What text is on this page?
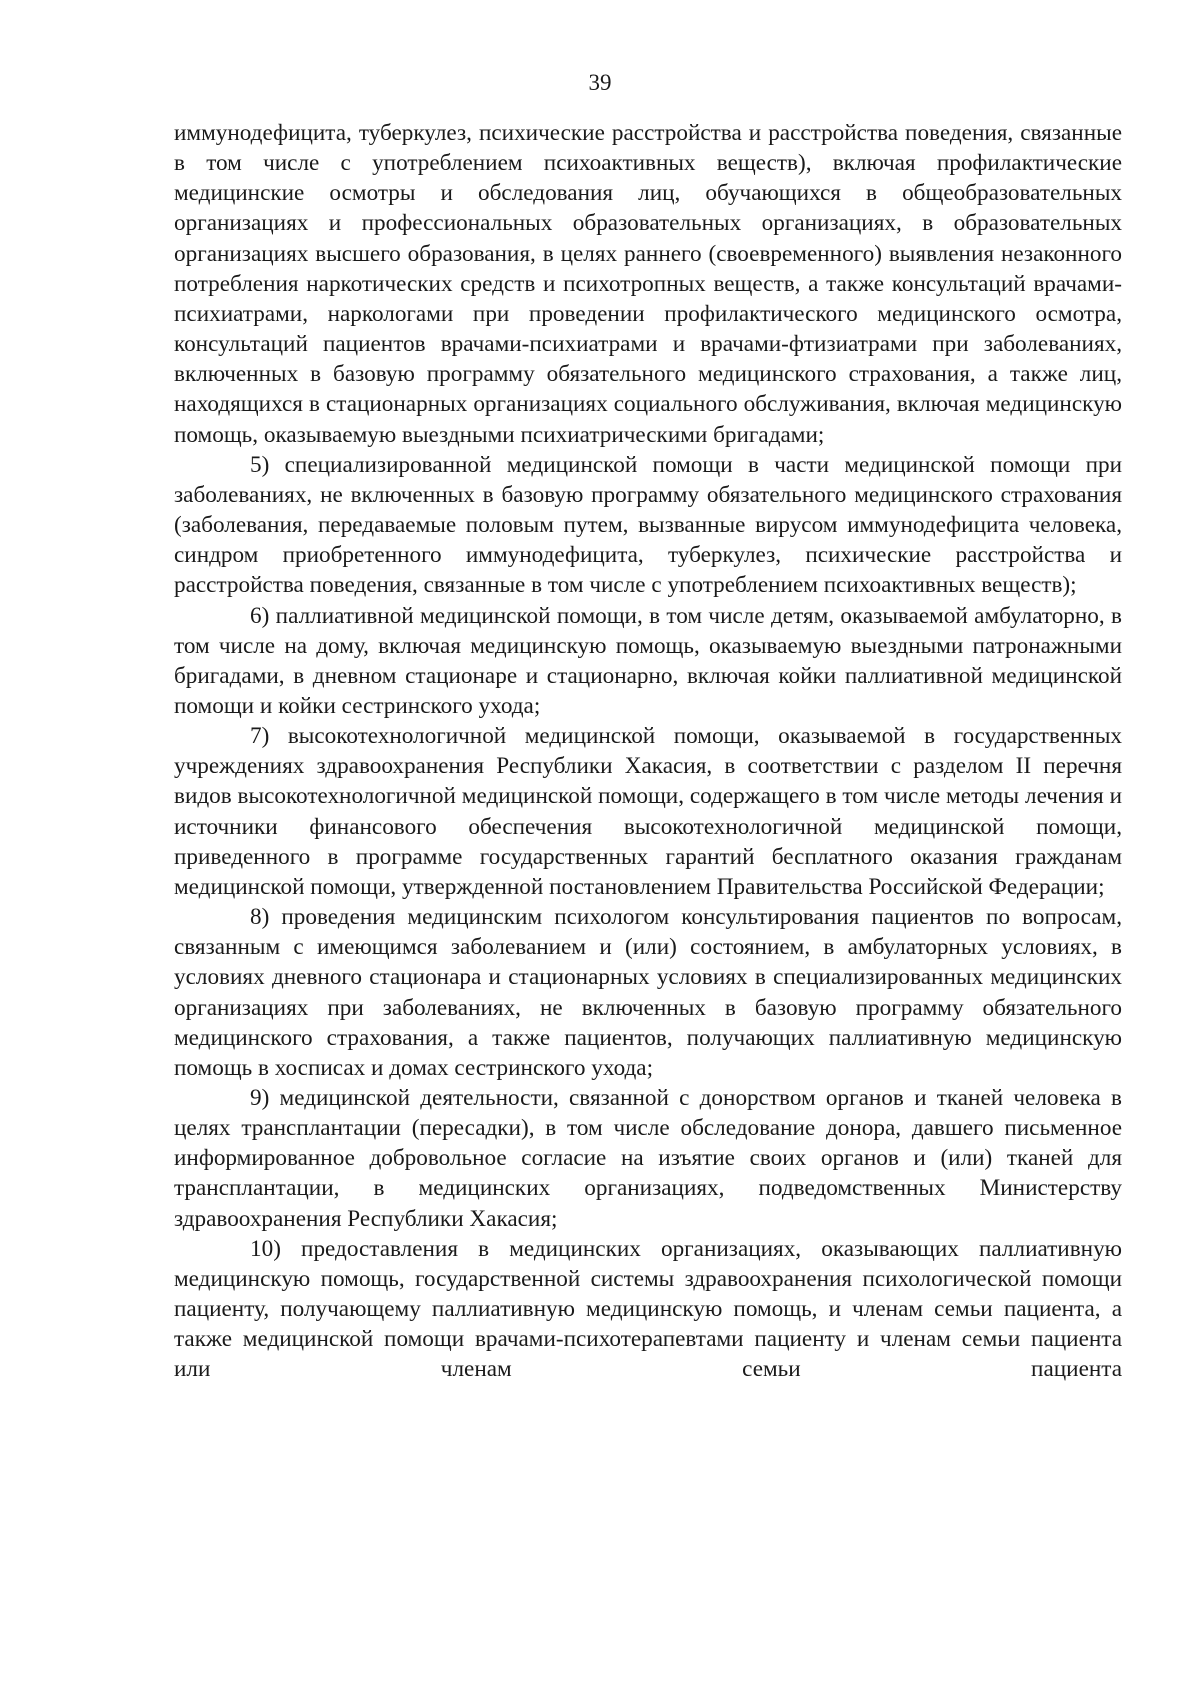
39

иммунодефицита, туберкулез, психические расстройства и расстройства поведения, связанные в том числе с употреблением психоактивных веществ), включая профилактические медицинские осмотры и обследования лиц, обучающихся в общеобразовательных организациях и профессиональных образовательных организациях, в образовательных организациях высшего образования, в целях раннего (своевременного) выявления незаконного потребления наркотических средств и психотропных веществ, а также консультаций врачами-психиатрами, наркологами при проведении профилактического медицинского осмотра, консультаций пациентов врачами-психиатрами и врачами-фтизиатрами при заболеваниях, включенных в базовую программу обязательного медицинского страхования, а также лиц, находящихся в стационарных организациях социального обслуживания, включая медицинскую помощь, оказываемую выездными психиатрическими бригадами;

5) специализированной медицинской помощи в части медицинской помощи при заболеваниях, не включенных в базовую программу обязательного медицинского страхования (заболевания, передаваемые половым путем, вызванные вирусом иммунодефицита человека, синдром приобретенного иммунодефицита, туберкулез, психические расстройства и расстройства поведения, связанные в том числе с употреблением психоактивных веществ);

6) паллиативной медицинской помощи, в том числе детям, оказываемой амбулаторно, в том числе на дому, включая медицинскую помощь, оказываемую выездными патронажными бригадами, в дневном стационаре и стационарно, включая койки паллиативной медицинской помощи и койки сестринского ухода;

7) высокотехнологичной медицинской помощи, оказываемой в государственных учреждениях здравоохранения Республики Хакасия, в соответствии с разделом II перечня видов высокотехнологичной медицинской помощи, содержащего в том числе методы лечения и источники финансового обеспечения высокотехнологичной медицинской помощи, приведенного в программе государственных гарантий бесплатного оказания гражданам медицинской помощи, утвержденной постановлением Правительства Российской Федерации;

8) проведения медицинским психологом консультирования пациентов по вопросам, связанным с имеющимся заболеванием и (или) состоянием, в амбулаторных условиях, в условиях дневного стационара и стационарных условиях в специализированных медицинских организациях при заболеваниях, не включенных в базовую программу обязательного медицинского страхования, а также пациентов, получающих паллиативную медицинскую помощь в хосписах и домах сестринского ухода;

9) медицинской деятельности, связанной с донорством органов и тканей человека в целях трансплантации (пересадки), в том числе обследование донора, давшего письменное информированное добровольное согласие на изъятие своих органов и (или) тканей для трансплантации, в медицинских организациях, подведомственных Министерству здравоохранения Республики Хакасия;

10) предоставления в медицинских организациях, оказывающих паллиативную медицинскую помощь, государственной системы здравоохранения психологической помощи пациенту, получающему паллиативную медицинскую помощь, и членам семьи пациента, а также медицинской помощи врачами-психотерапевтами пациенту и членам семьи пациента или членам семьи пациента
